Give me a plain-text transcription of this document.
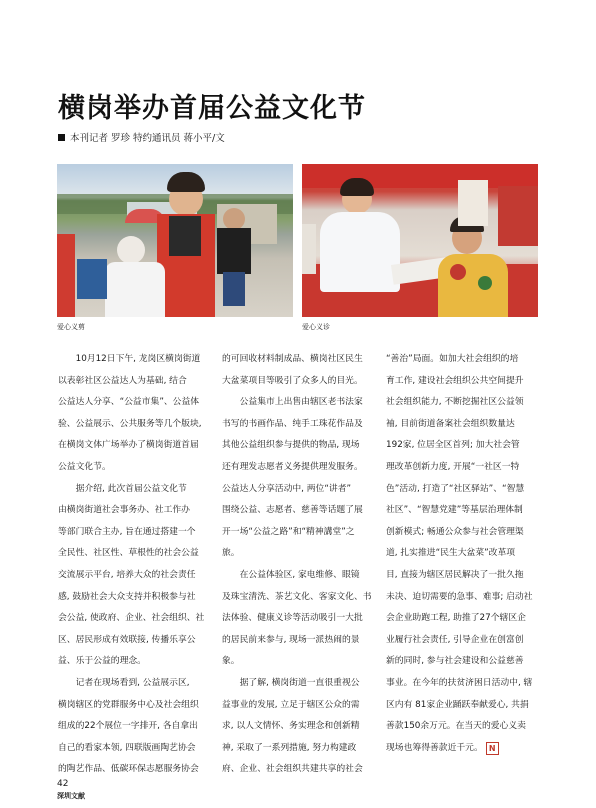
横岗举办首届公益文化节
本刊记者 罗珍 特约通讯员 蒋小平/文
爱心义剪	爱心义诊
　　10月12日下午, 龙岗区横岗街道
以表彰社区公益达人为基础, 结合
公益达人分享、“公益市集”、公益体
验、公益展示、公共服务等几个版块,
在横岗文体广场举办了横岗街道首届
公益文化节。
　　据介绍, 此次首届公益文化节
由横岗街道社会事务办、社工作办
等部门联合主办, 旨在通过搭建一个
全民性、社区性、草根性的社会公益
交流展示平台, 培养大众的社会责任
感, 鼓励社会大众支持并积极参与社
会公益, 使政府、企业、社会组织、社
区、居民形成有效联接, 传播乐享公
益、乐于公益的理念。
　　记者在现场看到, 公益展示区,
横岗辖区的党群服务中心及社会组织
组成的22个展位一字排开, 各自拿出
自己的看家本领, 四联版画陶艺协会
的陶艺作品、低碳环保志愿服务协会
的可回收材料制成品、横岗社区民生
大盆菜项目等吸引了众多人的目光。
　　公益集市上出售由辖区老书法家
书写的书画作品、纯手工珠花作品及
其他公益组织参与提供的物品, 现场
还有理发志愿者义务提供理发服务。
公益达人分享活动中, 两位“讲者”
围绕公益、志愿者、慈善等话题了展
开一场“公益之路”和“精神講堂”之
旅。
　　在公益体验区, 家电维修、眼镜
及珠宝清洗、茶艺文化、客家文化、书
法体验、健康义诊等活动吸引一大批
的居民前来参与, 现场一派热闹的景
象。
　　据了解, 横岗街道一直很重视公
益事业的发展, 立足于辖区公众的需
求, 以人文情怀、务实理念和创新精
神, 采取了一系列措施, 努力构建政
府、企业、社会组织共建共享的社会
“善治”局面。如加大社会组织的培
育工作, 建设社会组织公共空间提升
社会组织能力, 不断挖掘社区公益领
袖, 目前街道备案社会组织数量达
192家, 位居全区首列; 加大社会管
理改革创新力度, 开展“一社区一特
色”活动, 打造了“社区驿站”、“智慧
社区”、“智慧党建”等基层治理体制
创新模式; 畅通公众参与社会管理渠
道, 扎实推进“民生大盆菜”改革项
目, 直接为辖区居民解决了一批久拖
未决、迫切需要的急事、难事; 启动社
会企业助跑工程, 助推了27个辖区企
业履行社会责任, 引导企业在创富创
新的同时, 参与社会建设和公益慈善
事业。在今年的扶贫济困日活动中, 辖
区内有 81家企业踊跃奉献爱心, 共捐
善款150余万元。在当天的爱心义卖
现场也筹得善款近千元。 N
42
深圳文献
